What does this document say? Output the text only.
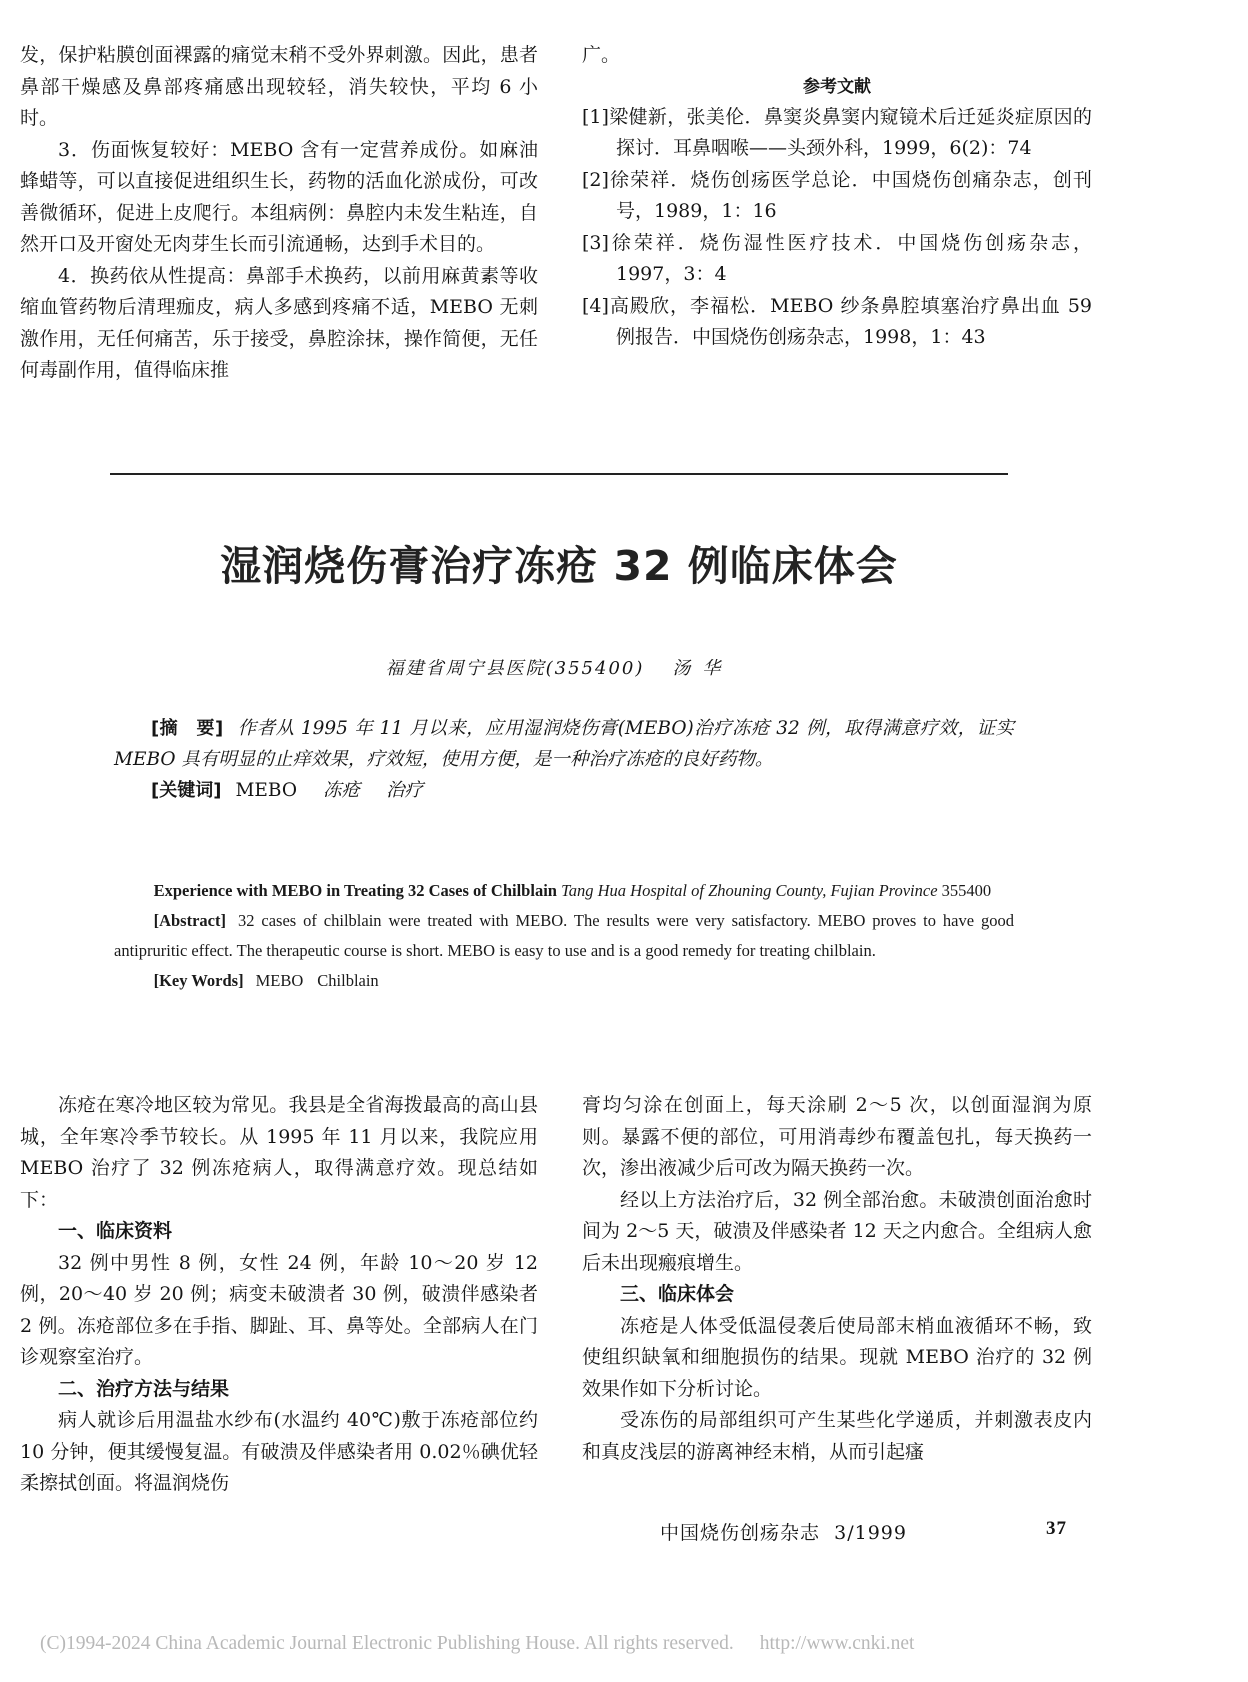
发，保护粘膜创面裸露的痛觉末稍不受外界刺激。因此，患者鼻部干燥感及鼻部疼痛感出现较轻，消失较快，平均 6 小时。

3．伤面恢复较好：MEBO 含有一定营养成份。如麻油蜂蜡等，可以直接促进组织生长，药物的活血化淤成份，可改善微循环，促进上皮爬行。本组病例：鼻腔内未发生粘连，自然开口及开窗处无肉芽生长而引流通畅，达到手术目的。

4．换药依从性提高：鼻部手术换药，以前用麻黄素等收缩血管药物后清理痂皮，病人多感到疼痛不适，MEBO 无刺激作用，无任何痛苦，乐于接受，鼻腔涂抹，操作简便，无任何毒副作用，值得临床推

广。

参考文献

[1]梁健新，张美伦．鼻窦炎鼻窦内窥镜术后迁延炎症原因的探讨．耳鼻咽喉——头颈外科，1999，6(2)：74

[2]徐荣祥．烧伤创疡医学总论．中国烧伤创痛杂志，创刊号，1989，1：16

[3]徐荣祥．烧伤湿性医疗技术．中国烧伤创疡杂志，1997，3：4

[4]高殿欣，李福松．MEBO 纱条鼻腔填塞治疗鼻出血 59 例报告．中国烧伤创疡杂志，1998，1：43

湿润烧伤膏治疗冻疮 32 例临床体会
福建省周宁县医院(355400) 汤华

[摘　要] 作者从 1995 年 11 月以来，应用湿润烧伤膏(MEBO)治疗冻疮 32 例，取得满意疗效，证实 MEBO 具有明显的止痒效果，疗效短，使用方便，是一种治疗冻疮的良好药物。

[关键词] MEBO 冻疮 治疗

Experience with MEBO in Treating 32 Cases of Chilblain Tang Hua Hospital of Zhouning County, Fujian Province 355400

[Abstract] 32 cases of chilblain were treated with MEBO. The results were very satisfactory. MEBO proves to have good antipruritic effect. The therapeutic course is short. MEBO is easy to use and is a good remedy for treating chilblain.

[Key Words] MEBO Chilblain

冻疮在寒冷地区较为常见。我县是全省海拨最高的高山县城，全年寒冷季节较长。从 1995 年 11 月以来，我院应用 MEBO 治疗了 32 例冻疮病人，取得满意疗效。现总结如下：

一、临床资料

32 例中男性 8 例，女性 24 例，年龄 10～20 岁 12 例，20～40 岁 20 例；病变未破溃者 30 例，破溃伴感染者 2 例。冻疮部位多在手指、脚趾、耳、鼻等处。全部病人在门诊观察室治疗。

二、治疗方法与结果

病人就诊后用温盐水纱布(水温约 40℃)敷于冻疮部位约 10 分钟，便其缓慢复温。有破溃及伴感染者用 0.02％碘优轻柔擦拭创面。将温润烧伤

膏均匀涂在创面上，每天涂刷 2～5 次，以创面湿润为原则。暴露不便的部位，可用消毒纱布覆盖包扎，每天换药一次，渗出液减少后可改为隔天换药一次。

经以上方法治疗后，32 例全部治愈。未破溃创面治愈时间为 2～5 天，破溃及伴感染者 12 天之内愈合。全组病人愈后未出现瘢痕增生。

三、临床体会

冻疮是人体受低温侵袭后使局部末梢血液循环不畅，致使组织缺氧和细胞损伤的结果。现就 MEBO 治疗的 32 例效果作如下分析讨论。

受冻伤的局部组织可产生某些化学递质，并刺激表皮内和真皮浅层的游离神经末梢，从而引起瘙

中国烧伤创疡杂志 3/1999	37
(C)1994-2024 China Academic Journal Electronic Publishing House. All rights reserved. http://www.cnki.net
